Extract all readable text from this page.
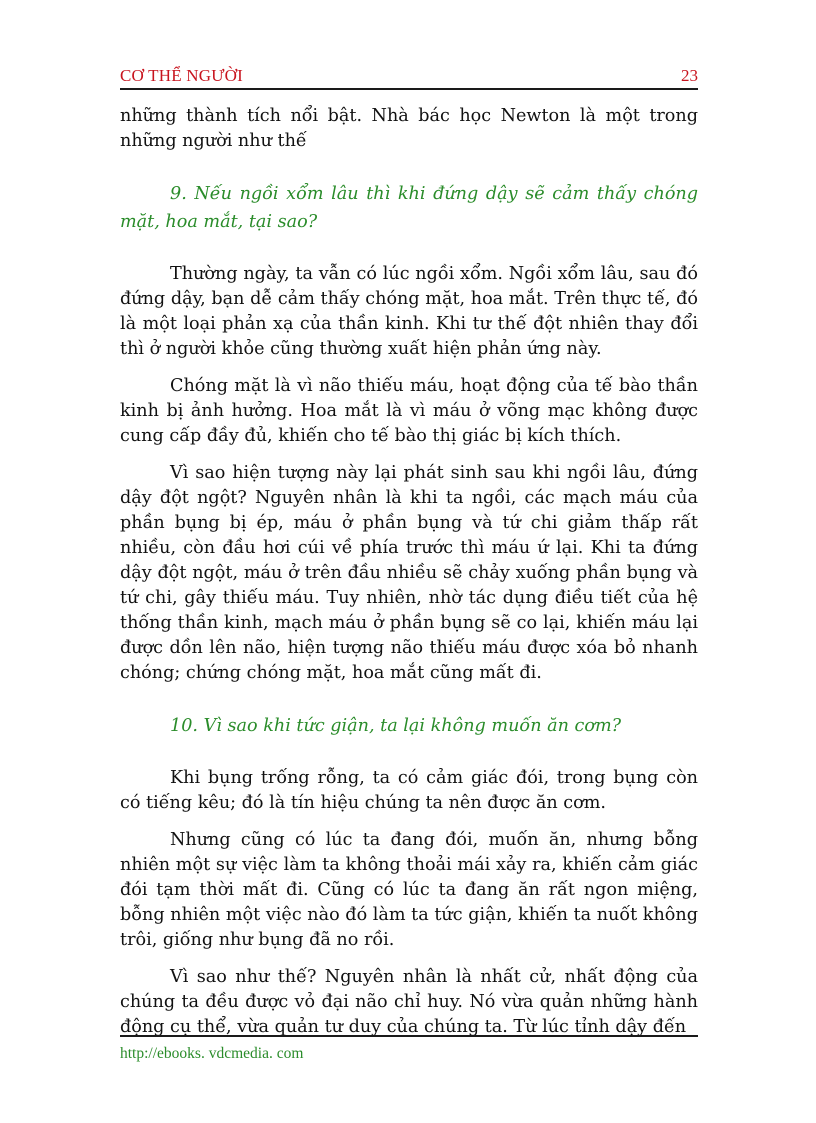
CƠ THỂ NGƯỜI	23

những thành tích nổi bật. Nhà bác học Newton là một trong những người như thế

9. Nếu ngồi xổm lâu thì khi đứng dậy sẽ cảm thấy chóng mặt, hoa mắt, tại sao?

Thường ngày, ta vẫn có lúc ngồi xổm. Ngồi xổm lâu, sau đó đứng dậy, bạn dễ cảm thấy chóng mặt, hoa mắt. Trên thực tế, đó là một loại phản xạ của thần kinh. Khi tư thế đột nhiên thay đổi thì ở người khỏe cũng thường xuất hiện phản ứng này.

Chóng mặt là vì não thiếu máu, hoạt động của tế bào thần kinh bị ảnh hưởng. Hoa mắt là vì máu ở võng mạc không được cung cấp đầy đủ, khiến cho tế bào thị giác bị kích thích.

Vì sao hiện tượng này lại phát sinh sau khi ngồi lâu, đứng dậy đột ngột? Nguyên nhân là khi ta ngồi, các mạch máu của phần bụng bị ép, máu ở phần bụng và tứ chi giảm thấp rất nhiều, còn đầu hơi cúi về phía trước thì máu ứ lại. Khi ta đứng dậy đột ngột, máu ở trên đầu nhiều sẽ chảy xuống phần bụng và tứ chi, gây thiếu máu. Tuy nhiên, nhờ tác dụng điều tiết của hệ thống thần kinh, mạch máu ở phần bụng sẽ co lại, khiến máu lại được dồn lên não, hiện tượng não thiếu máu được xóa bỏ nhanh chóng; chứng chóng mặt, hoa mắt cũng mất đi.

10. Vì sao khi tức giận, ta lại không muốn ăn cơm?

Khi bụng trống rỗng, ta có cảm giác đói, trong bụng còn có tiếng kêu; đó là tín hiệu chúng ta nên được ăn cơm.

Nhưng cũng có lúc ta đang đói, muốn ăn, nhưng bỗng nhiên một sự việc làm ta không thoải mái xảy ra, khiến cảm giác đói tạm thời mất đi. Cũng có lúc ta đang ăn rất ngon miệng, bỗng nhiên một việc nào đó làm ta tức giận, khiến ta nuốt không trôi, giống như bụng đã no rồi.

Vì sao như thế? Nguyên nhân là nhất cử, nhất động của chúng ta đều được vỏ đại não chỉ huy. Nó vừa quản những hành động cụ thể, vừa quản tư duy của chúng ta. Từ lúc tỉnh dậy đến

http://ebooks. vdcmedia. com
